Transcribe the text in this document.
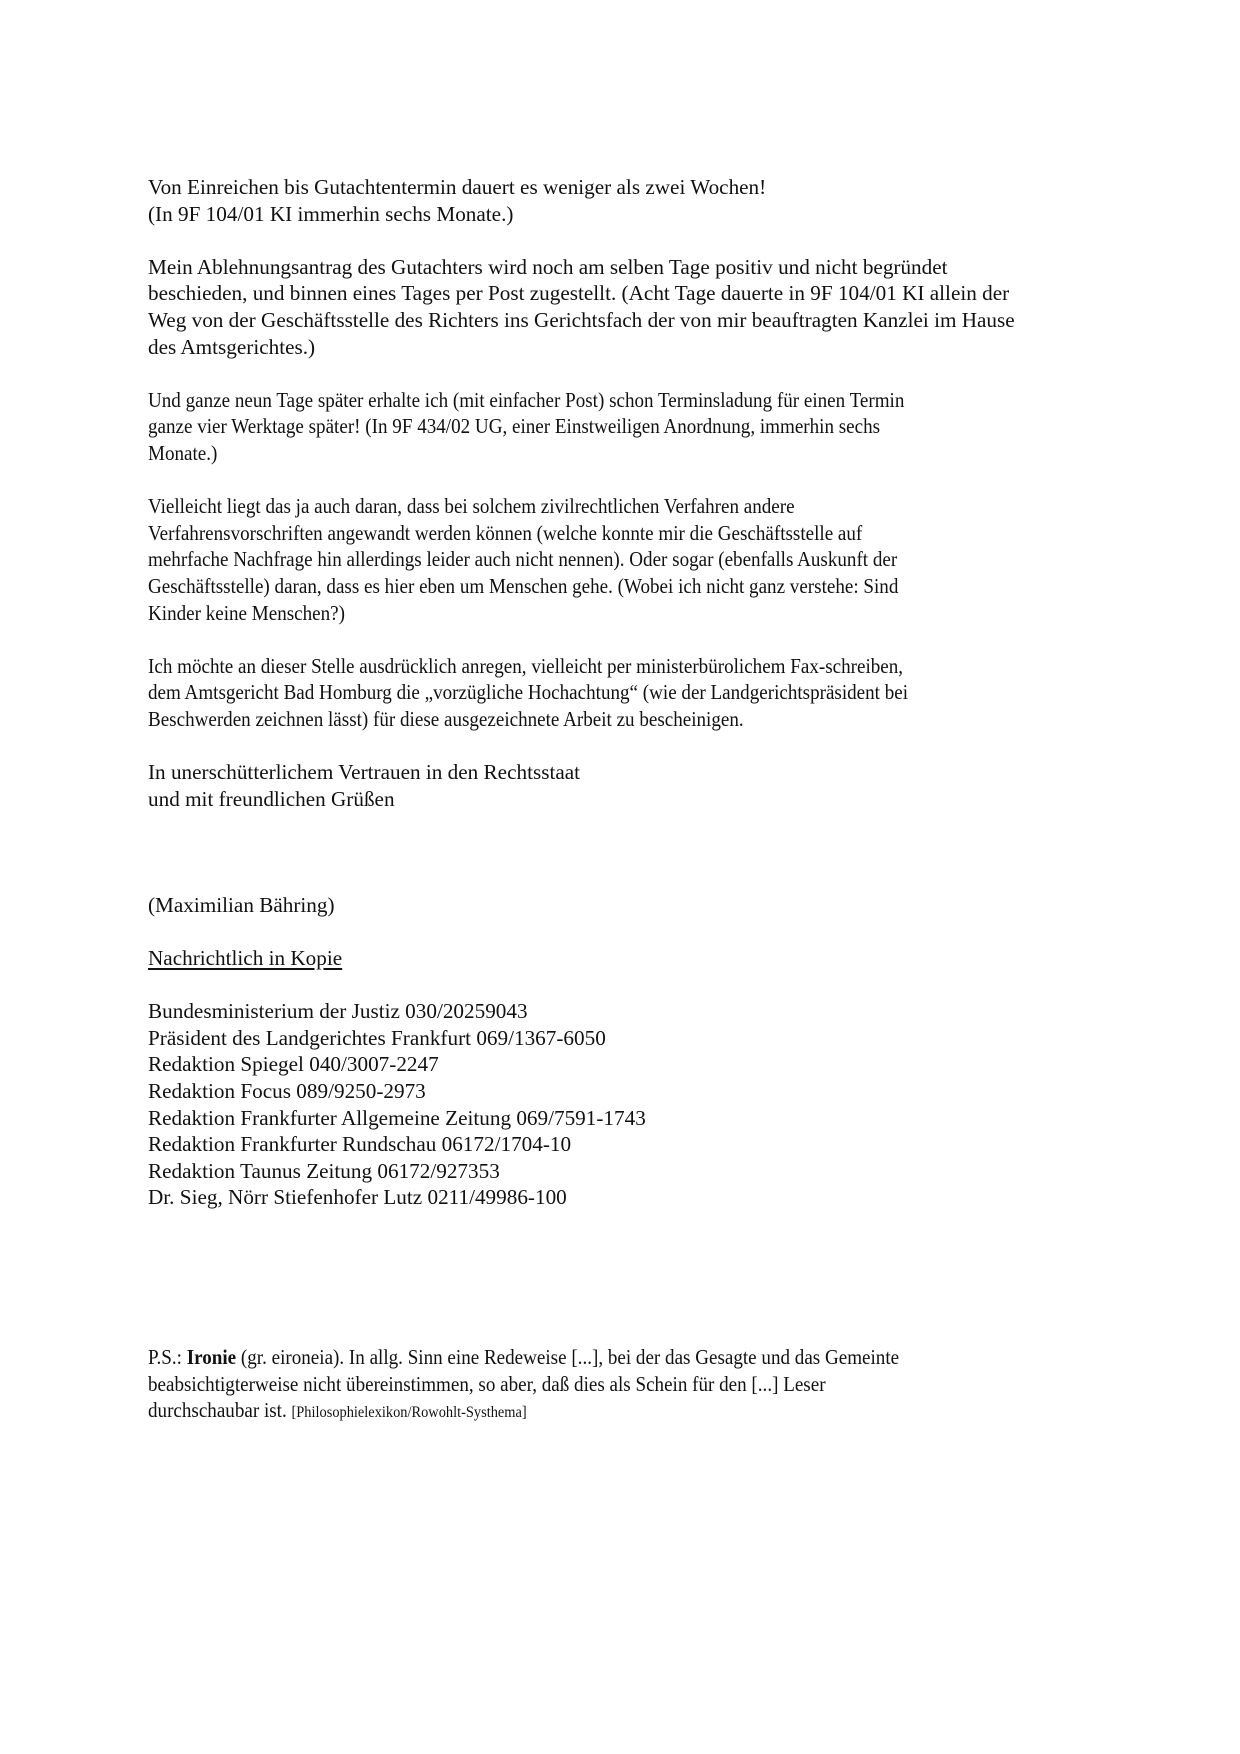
Von Einreichen bis Gutachtentermin dauert es weniger als zwei Wochen!
(In 9F 104/01 KI immerhin sechs Monate.)

Mein Ablehnungsantrag des Gutachters wird noch am selben Tage positiv und nicht begründet
beschieden, und binnen eines Tages per Post zugestellt. (Acht Tage dauerte in 9F 104/01 KI allein der
Weg von der Geschäftsstelle des Richters ins Gerichtsfach der von mir beauftragten Kanzlei im Hause
des Amtsgerichtes.)

Und ganze neun Tage später erhalte ich (mit einfacher Post) schon Terminsladung für einen Termin
ganze vier Werktage später! (In 9F 434/02 UG, einer Einstweiligen Anordnung, immerhin sechs
Monate.)

Vielleicht liegt das ja auch daran, dass bei solchem zivilrechtlichen Verfahren andere
Verfahrensvorschriften angewandt werden können (welche konnte mir die Geschäftsstelle auf
mehrfache Nachfrage hin allerdings leider auch nicht nennen). Oder sogar (ebenfalls Auskunft der
Geschäftsstelle) daran, dass es hier eben um Menschen gehe. (Wobei ich nicht ganz verstehe: Sind
Kinder keine Menschen?)

Ich möchte an dieser Stelle ausdrücklich anregen, vielleicht per ministerbürolichem Fax-schreiben,
dem Amtsgericht Bad Homburg die „vorzügliche Hochachtung“ (wie der Landgerichtspräsident bei
Beschwerden zeichnen lässt) für diese ausgezeichnete Arbeit zu bescheinigen.

In unerschütterlichem Vertrauen in den Rechtsstaat
und mit freundlichen Grüßen

(Maximilian Bähring)

Nachrichtlich in Kopie

Bundesministerium der Justiz 030/20259043
Präsident des Landgerichtes Frankfurt 069/1367-6050
Redaktion Spiegel 040/3007-2247
Redaktion Focus 089/9250-2973
Redaktion Frankfurter Allgemeine Zeitung 069/7591-1743
Redaktion Frankfurter Rundschau 06172/1704-10
Redaktion Taunus Zeitung 06172/927353
Dr. Sieg, Nörr Stiefenhofer Lutz 0211/49986-100

P.S.: Ironie (gr. eironeia). In allg. Sinn eine Redeweise [...], bei der das Gesagte und das Gemeinte
beabsichtigterweise nicht übereinstimmen, so aber, daß dies als Schein für den [...] Leser
durchschaubar ist. [Philosophielexikon/Rowohlt-Systhema]
